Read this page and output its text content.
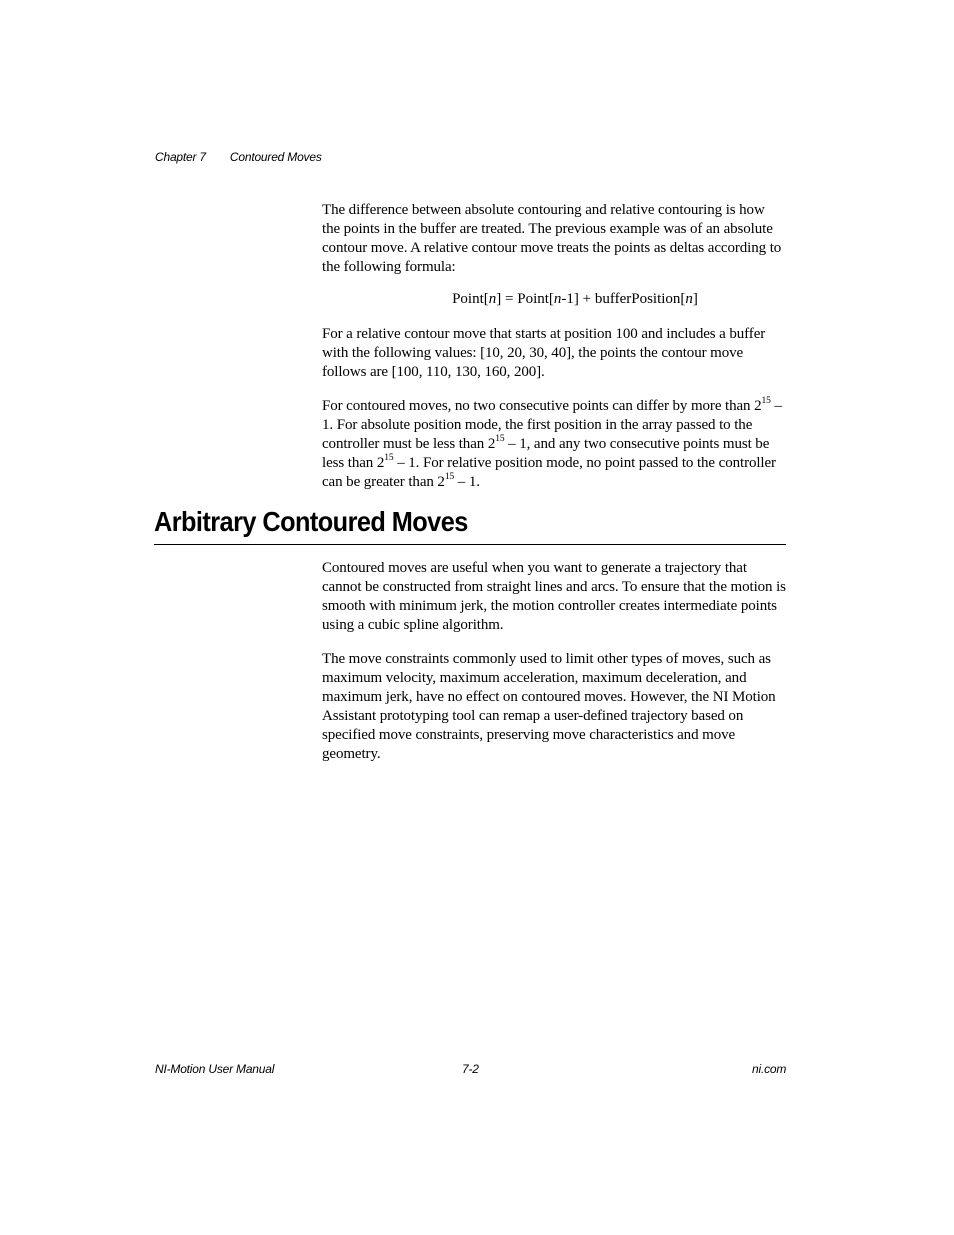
Chapter 7 Contoured Moves

The difference between absolute contouring and relative contouring is how the points in the buffer are treated. The previous example was of an absolute contour move. A relative contour move treats the points as deltas according to the following formula:

Point[n] = Point[n-1] + bufferPosition[n]

For a relative contour move that starts at position 100 and includes a buffer with the following values: [10, 20, 30, 40], the points the contour move follows are [100, 110, 130, 160, 200].

For contoured moves, no two consecutive points can differ by more than $2^{15} - 1$. For absolute position mode, the first position in the array passed to the controller must be less than $2^{15} - 1$, and any two consecutive points must be less than $2^{15} - 1$. For relative position mode, no point passed to the controller can be greater than $2^{15} - 1$.

Arbitrary Contoured Moves

Contoured moves are useful when you want to generate a trajectory that cannot be constructed from straight lines and arcs. To ensure that the motion is smooth with minimum jerk, the motion controller creates intermediate points using a cubic spline algorithm.

The move constraints commonly used to limit other types of moves, such as maximum velocity, maximum acceleration, maximum deceleration, and maximum jerk, have no effect on contoured moves. However, the NI Motion Assistant prototyping tool can remap a user-defined trajectory based on specified move constraints, preserving move characteristics and move geometry.

NI-Motion User Manual	7-2	ni.com
